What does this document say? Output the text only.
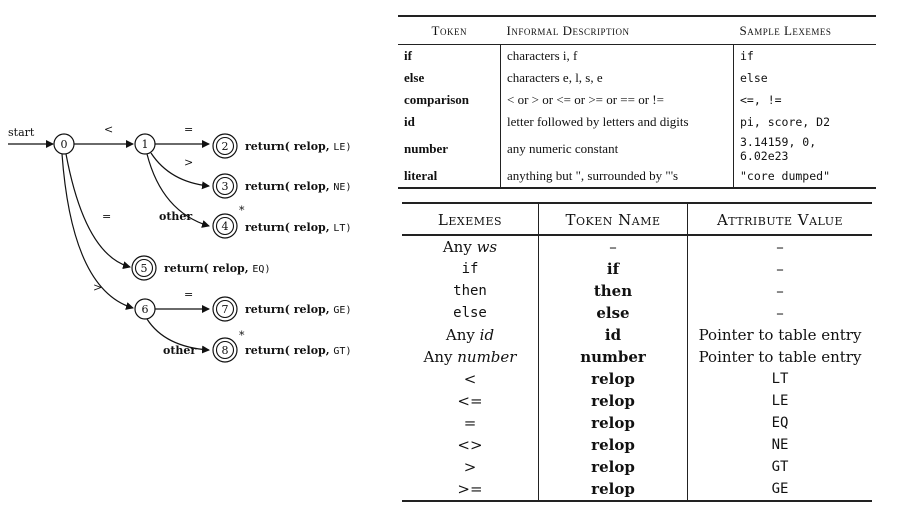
start	<	=
>
other
=
>
=
other
0	1	2
3
4
*
5
6	7
8
*
return( relop, LE)
return( relop, NE)
return( relop, LT)
return( relop, EQ)
return( relop, GE)
return( relop, GT)
Token	Informal Description	Sample Lexemes
if	characters i, f	if
else	characters e, l, s, e	else
comparison	< or > or <= or >= or == or !=	<=, !=
id	letter followed by letters and digits	pi, score, D2
number	any numeric constant	3.14159, 0, 6.02e23
literal	anything but ", surrounded by "'s	"core dumped"
Lexemes	Token Name	Attribute Value
Any ws	–	–
if	if	–
then	then	–
else	else	–
Any id	id	Pointer to table entry
Any number	number	Pointer to table entry
<	relop	LT
<=	relop	LE
=	relop	EQ
<>	relop	NE
>	relop	GT
>=	relop	GE
